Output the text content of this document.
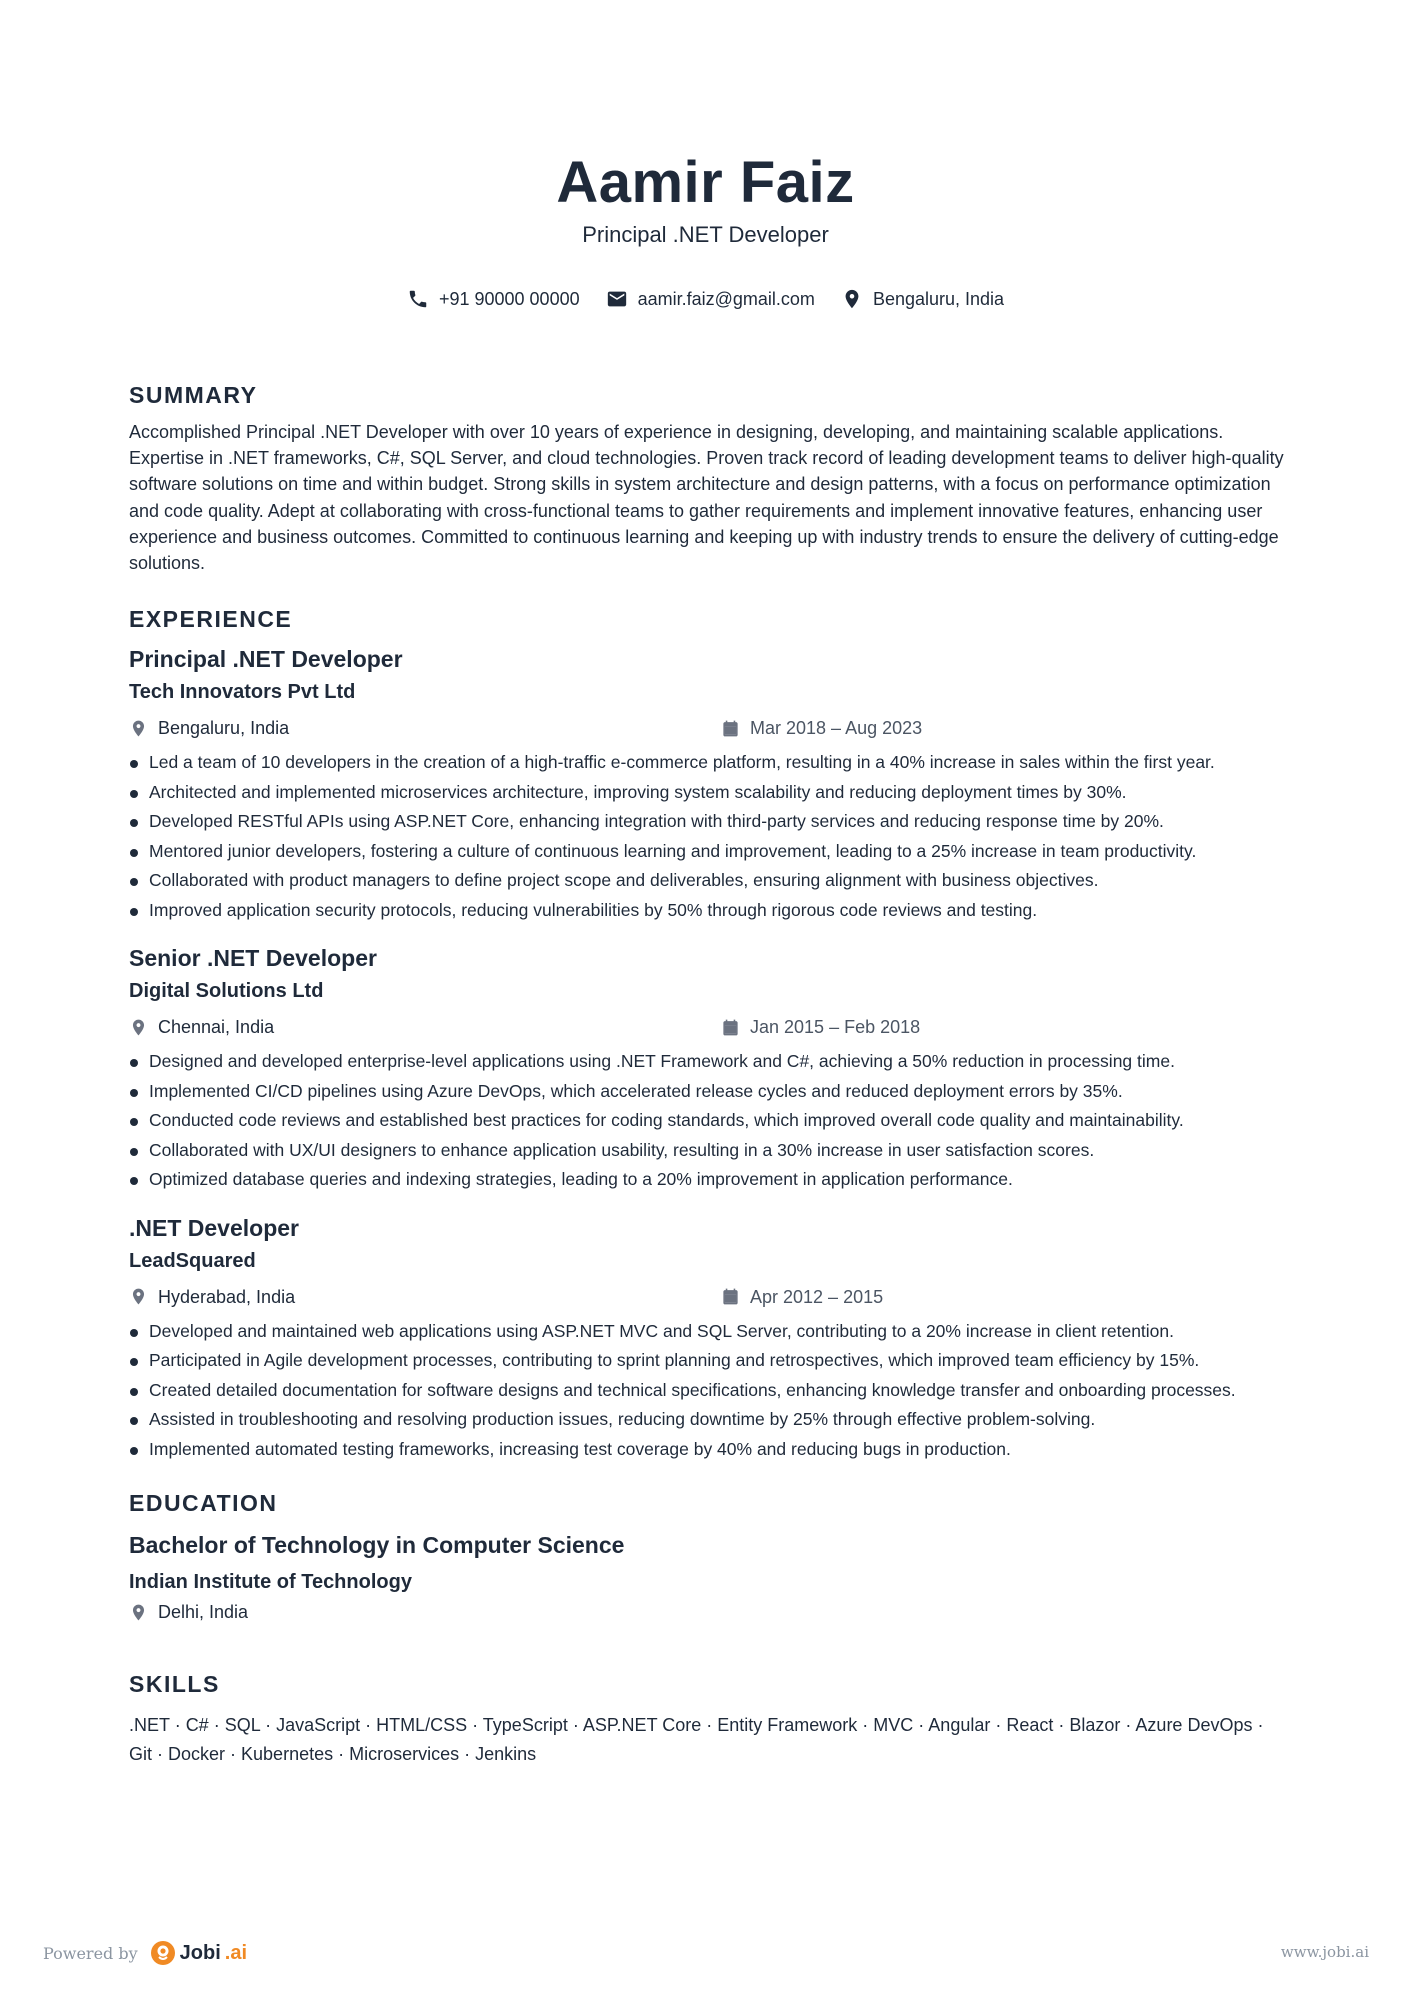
Aamir Faiz
Principal .NET Developer
+91 90000 00000	aamir.faiz@gmail.com	Bengaluru, India
SUMMARY
Accomplished Principal .NET Developer with over 10 years of experience in designing, developing, and maintaining scalable applications. Expertise in .NET frameworks, C#, SQL Server, and cloud technologies. Proven track record of leading development teams to deliver high-quality software solutions on time and within budget. Strong skills in system architecture and design patterns, with a focus on performance optimization and code quality. Adept at collaborating with cross-functional teams to gather requirements and implement innovative features, enhancing user experience and business outcomes. Committed to continuous learning and keeping up with industry trends to ensure the delivery of cutting-edge solutions.
EXPERIENCE
Principal .NET Developer
Tech Innovators Pvt Ltd
Bengaluru, India	Mar 2018 – Aug 2023
Led a team of 10 developers in the creation of a high-traffic e-commerce platform, resulting in a 40% increase in sales within the first year.
Architected and implemented microservices architecture, improving system scalability and reducing deployment times by 30%.
Developed RESTful APIs using ASP.NET Core, enhancing integration with third-party services and reducing response time by 20%.
Mentored junior developers, fostering a culture of continuous learning and improvement, leading to a 25% increase in team productivity.
Collaborated with product managers to define project scope and deliverables, ensuring alignment with business objectives.
Improved application security protocols, reducing vulnerabilities by 50% through rigorous code reviews and testing.
Senior .NET Developer
Digital Solutions Ltd
Chennai, India	Jan 2015 – Feb 2018
Designed and developed enterprise-level applications using .NET Framework and C#, achieving a 50% reduction in processing time.
Implemented CI/CD pipelines using Azure DevOps, which accelerated release cycles and reduced deployment errors by 35%.
Conducted code reviews and established best practices for coding standards, which improved overall code quality and maintainability.
Collaborated with UX/UI designers to enhance application usability, resulting in a 30% increase in user satisfaction scores.
Optimized database queries and indexing strategies, leading to a 20% improvement in application performance.
.NET Developer
LeadSquared
Hyderabad, India	Apr 2012 – 2015
Developed and maintained web applications using ASP.NET MVC and SQL Server, contributing to a 20% increase in client retention.
Participated in Agile development processes, contributing to sprint planning and retrospectives, which improved team efficiency by 15%.
Created detailed documentation for software designs and technical specifications, enhancing knowledge transfer and onboarding processes.
Assisted in troubleshooting and resolving production issues, reducing downtime by 25% through effective problem-solving.
Implemented automated testing frameworks, increasing test coverage by 40% and reducing bugs in production.
EDUCATION
Bachelor of Technology in Computer Science
Indian Institute of Technology
Delhi, India
SKILLS
.NET · C# · SQL · JavaScript · HTML/CSS · TypeScript · ASP.NET Core · Entity Framework · MVC · Angular · React · Blazor · Azure DevOps · Git · Docker · Kubernetes · Microservices · Jenkins
Powered by Jobi .ai	www.jobi.ai
